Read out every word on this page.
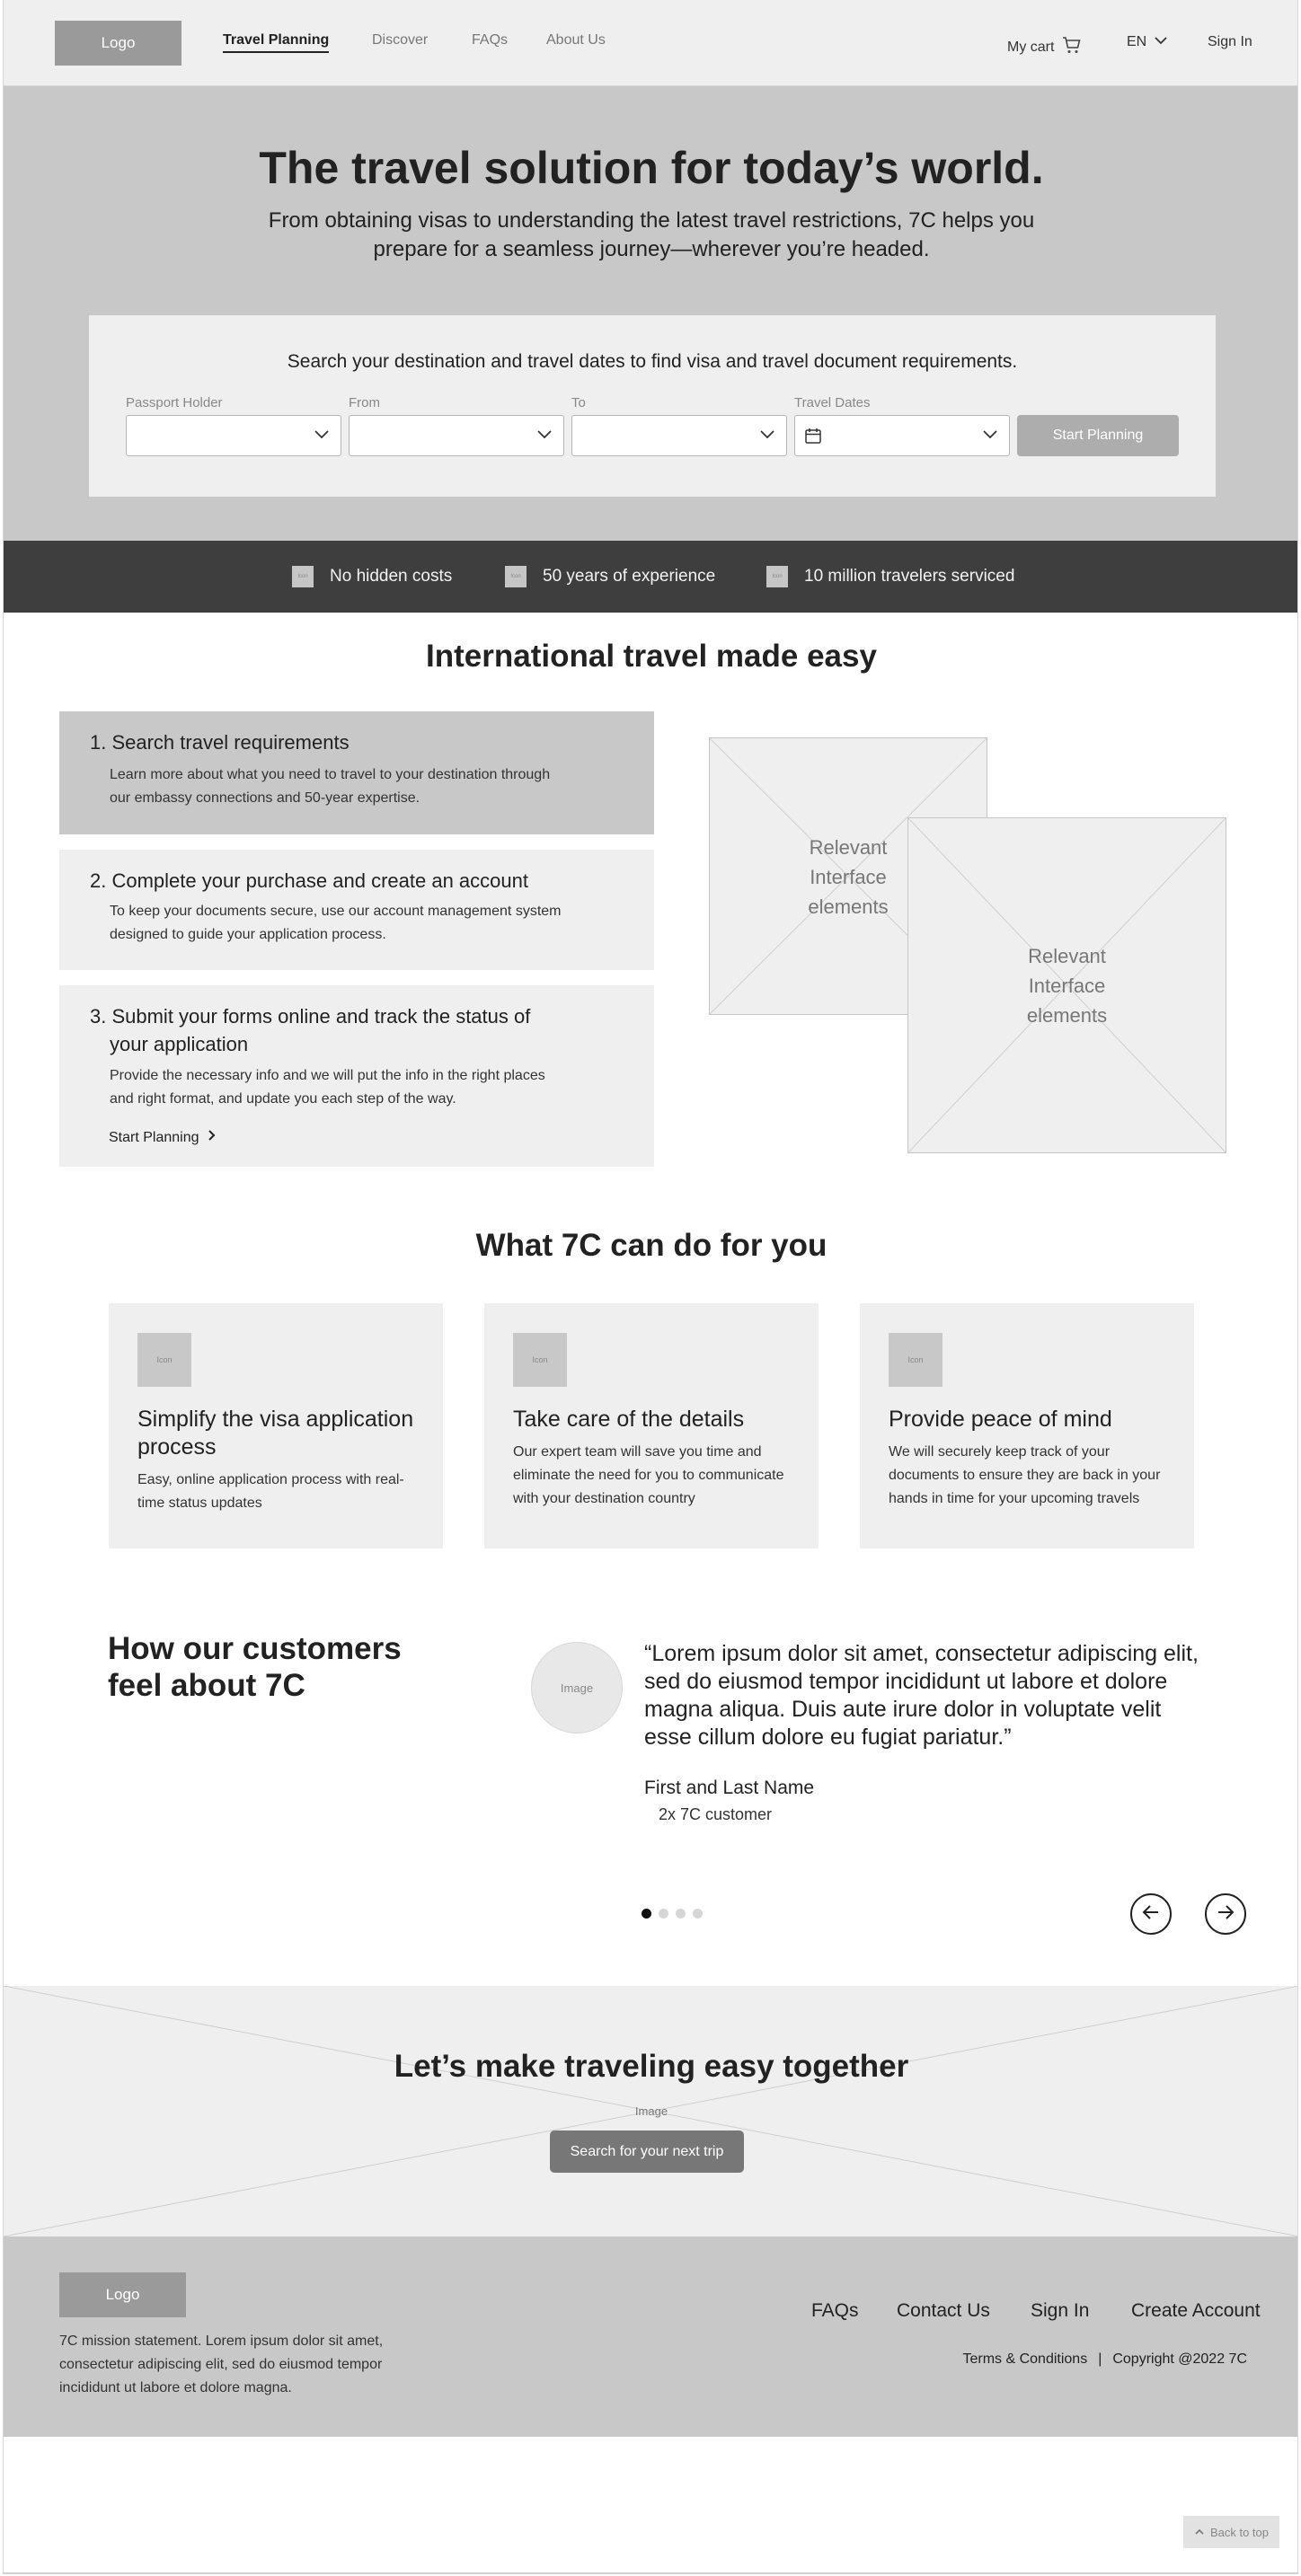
Logo	Travel Planning	Discover	FAQs	About Us	My cart	EN	Sign In
The travel solution for today’s world.

From obtaining visas to understanding the latest travel restrictions, 7C helps you prepare for a seamless journey—wherever you’re headed.

Search your destination and travel dates to find visa and travel document requirements.
Passport Holder	From	To	Travel Dates
Start Planning
Icon	No hidden costs	Icon	50 years of experience	Icon	10 million travelers serviced
International travel made easy
1. Search travel requirements

Learn more about what you need to travel to your destination through

our embassy connections and 50-year expertise.

2. Complete your purchase and create an account

To keep your documents secure, use our account management system

designed to guide your application process.

3. Submit your forms online and track the status of
your application

Provide the necessary info and we will put the info in the right places

and right format, and update you each step of the way.

Start Planning
Relevant
Interface
elements
Relevant
Interface
elements
What 7C can do for you
Icon
Simplify the visa application process

Easy, online application process with real-time status updates

Icon
Take care of the details

Our expert team will save you time and eliminate the need for you to communicate with your destination country

Icon
Provide peace of mind

We will securely keep track of your documents to ensure they are back in your hands in time for your upcoming travels

How our customers feel about 7C	Image
“Lorem ipsum dolor sit amet, consectetur adipiscing elit, sed do eiusmod tempor incididunt ut labore et dolore magna aliqua. Duis aute irure dolor in voluptate velit esse cillum dolore eu fugiat pariatur.”
First and Last Name
2x 7C customer
Let’s make traveling easy together
Image
Search for your next trip
Logo
7C mission statement. Lorem ipsum dolor sit amet, consectetur adipiscing elit, sed do eiusmod tempor incididunt ut labore et dolore magna.
FAQs Contact Us Sign In Create Account
Terms & Conditions | Copyright @2022 7C
Back to top
